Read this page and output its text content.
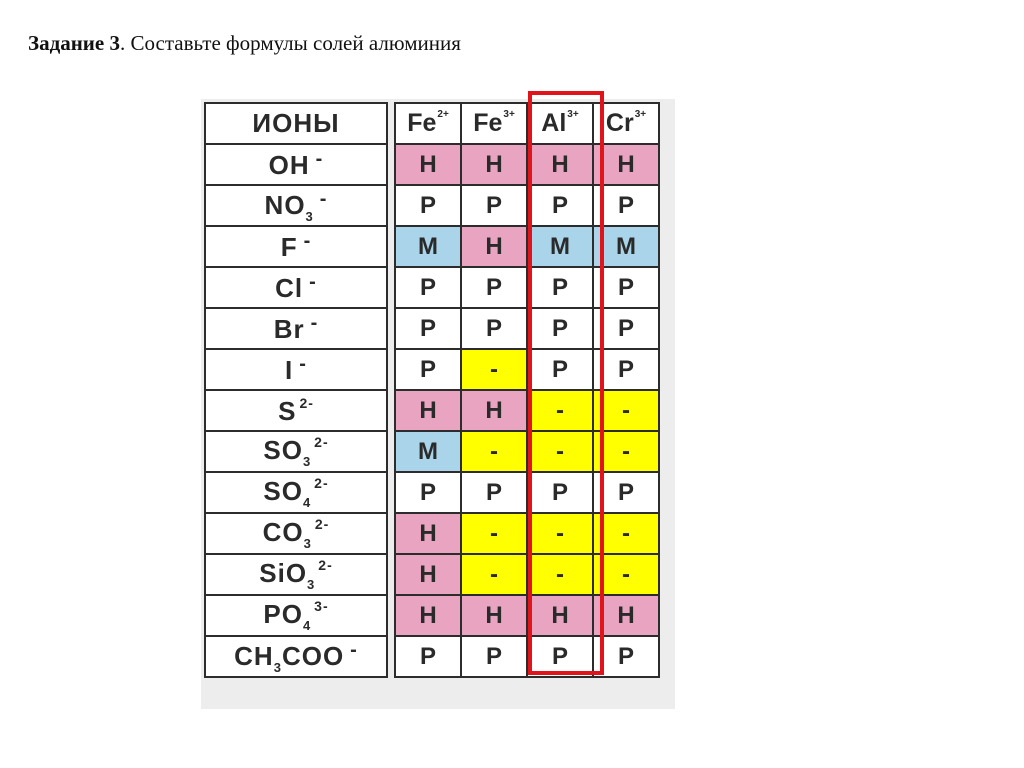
Задание 3. Составьте формулы солей алюминия
ИОНЫ		$Fe^{2+}$	$Fe^{3+}$	$Al^{3+}$	$Cr^{3+}$
OH -		Н	Н	Н	Н
$NO_3^-$		Р	Р	Р	Р
F -		М	Н	М	М
Cl -		Р	Р	Р	Р
Br -		Р	Р	Р	Р
I -		Р	-	Р	Р
S $^{2-}$		Н	Н	-	-
$SO_3^{2-}$		М	-	-	-
$SO_4^{2-}$		Р	Р	Р	Р
$CO_3^{2-}$		Н	-	-	-
SiO$_3^{2-}$		Н	-	-	-
$PO_4^{3-}$		Н	Н	Н	Н
$CH_3COO$ -		Р	Р	Р	Р
